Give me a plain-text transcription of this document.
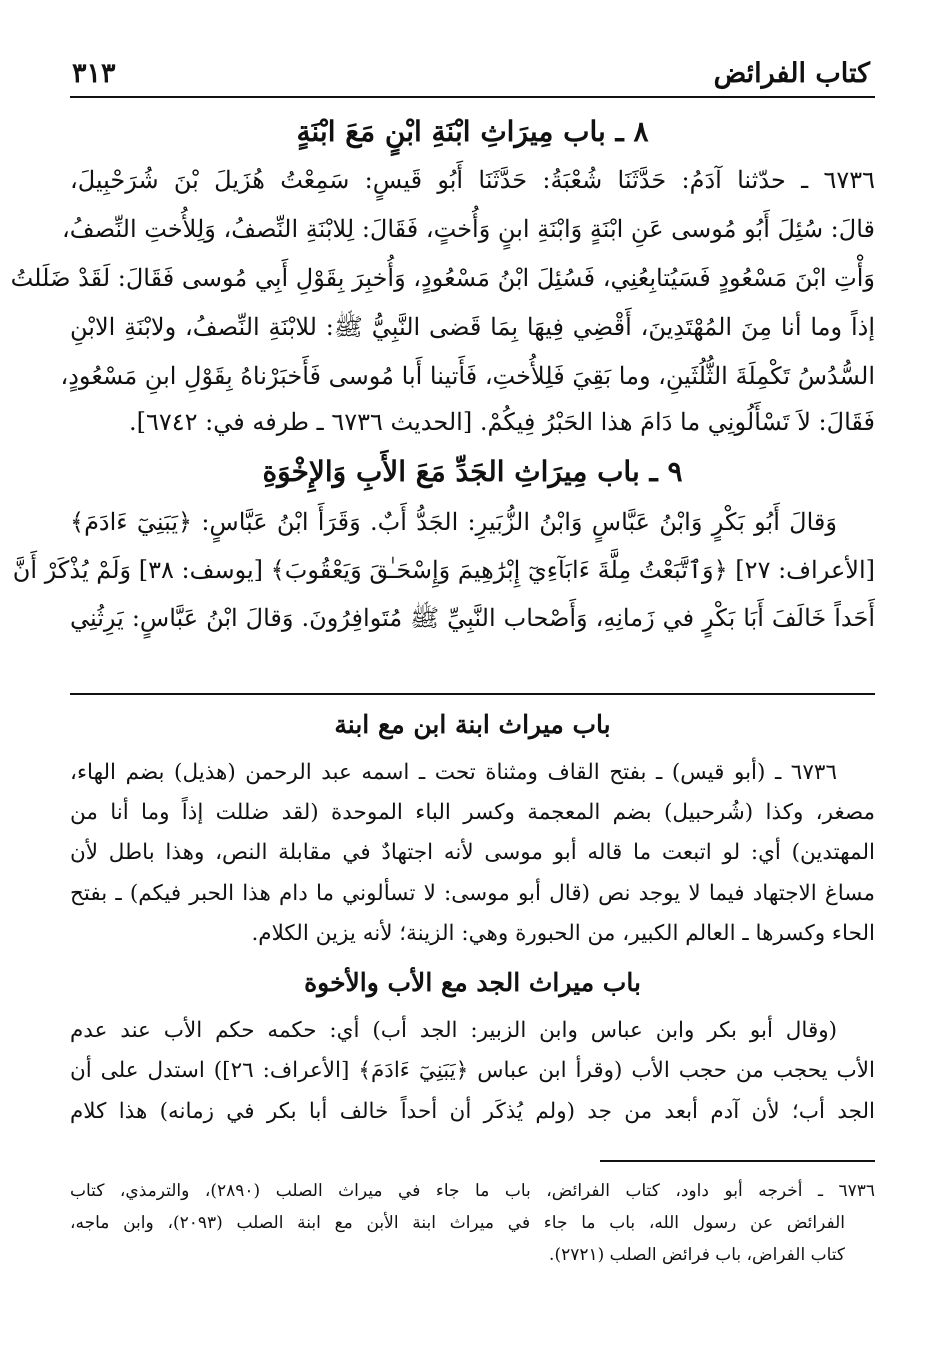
كتاب الفرائض
٣١٣
٨ ـ باب مِيرَاثِ ابْنَةِ ابْنٍ مَعَ ابْنَةٍ
٦٧٣٦ ـ حدّثنا آدَمُ: حَدَّثَنَا شُعْبَةُ: حَدَّثَنَا أَبُو قَيسٍ: سَمِعْتُ هُزَيلَ بْنَ شُرَحْبِيلَ،
قالَ: سُئِلَ أَبُو مُوسى عَنِ ابْنَةٍ وَابْنَةِ ابنٍ وَأُختٍ، فَقَالَ: لِلابْنَةِ النِّصفُ، وَلِلأُختِ النِّصفُ،
وَأْتِ ابْنَ مَسْعُودٍ فَسَيُتابِعُنِي، فَسُئِلَ ابْنُ مَسْعُودٍ، وَأُخبِرَ بِقَوْلِ أَبِي مُوسى فَقَالَ: لَقَدْ ضَلَلتُ
إذاً وما أنا مِنَ المُهْتَدِينَ، أَقْضِي فِيهَا بِمَا قَضى النَّبِيُّ ﷺ: للابْنَةِ النِّصفُ، ولابْنَةِ الابْنِ
السُّدُسُ تَكْمِلَةَ الثُّلُثَينِ، وما بَقِيَ فَلِلأُختِ، فَأَتينا أَبا مُوسى فَأَخبَرْناهُ بِقَوْلِ ابنِ مَسْعُودٍ،
فَقَالَ: لاَ تَسْأَلُونِي ما دَامَ هذا الحَبْرُ فِيكُمْ. [الحديث ٦٧٣٦ ـ طرفه في: ٦٧٤٢].
٩ ـ باب مِيرَاثِ الجَدِّ مَعَ الأَبِ وَالإِخْوَةِ
وَقالَ أَبُو بَكْرٍ وَابْنُ عَبَّاسٍ وَابْنُ الزُّبَيرِ: الجَدُّ أَبٌ. وَقَرَأَ ابْنُ عَبَّاسٍ: ﴿يَبَنِيٓ ءَادَمَ﴾
[الأعراف: ٢٧] ﴿وَٱتَّبَعْتُ مِلَّةَ ءَابَآءِيٓ إِبْرَٰهِيمَ وَإِسْحَـٰقَ وَيَعْقُوبَ﴾ [يوسف: ٣٨] وَلَمْ يُذْكَرْ أَنَّ
أَحَداً خَالَفَ أَبَا بَكْرٍ في زَمانِهِ، وَأَصْحاب النَّبِيِّ ﷺ مُتَوافِرُونَ. وَقالَ ابْنُ عَبَّاسٍ: يَرِثُنِي
باب ميراث ابنة ابن مع ابنة
٦٧٣٦ ـ (أبو قيس) ـ بفتح القاف ومثناة تحت ـ اسمه عبد الرحمن (هذيل) بضم الهاء،
مصغر، وكذا (شُرحبيل) بضم المعجمة وكسر الباء الموحدة (لقد ضللت إذاً وما أنا من
المهتدين) أي: لو اتبعت ما قاله أبو موسى لأنه اجتهادٌ في مقابلة النص، وهذا باطل لأن
مساغ الاجتهاد فيما لا يوجد نص (قال أبو موسى: لا تسألوني ما دام هذا الحبر فيكم) ـ بفتح
الحاء وكسرها ـ العالم الكبير، من الحبورة وهي: الزينة؛ لأنه يزين الكلام.
باب ميراث الجد مع الأب والأخوة
(وقال أبو بكر وابن عباس وابن الزبير: الجد أب) أي: حكمه حكم الأب عند عدم
الأب يحجب من حجب الأب (وقرأ ابن عباس ﴿يَبَنِيٓ ءَادَمَ﴾ [الأعراف: ٢٦]) استدل على أن
الجد أب؛ لأن آدم أبعد من جد (ولم يُذكَر أن أحداً خالف أبا بكر في زمانه) هذا كلام
٦٧٣٦ ـ أخرجه أبو داود، كتاب الفرائض، باب ما جاء في ميراث الصلب (٢٨٩٠)، والترمذي، كتاب
الفرائض عن رسول الله، باب ما جاء في ميراث ابنة الأبن مع ابنة الصلب (٢٠٩٣)، وابن ماجه،
كتاب الفراض، باب فرائض الصلب (٢٧٢١).
